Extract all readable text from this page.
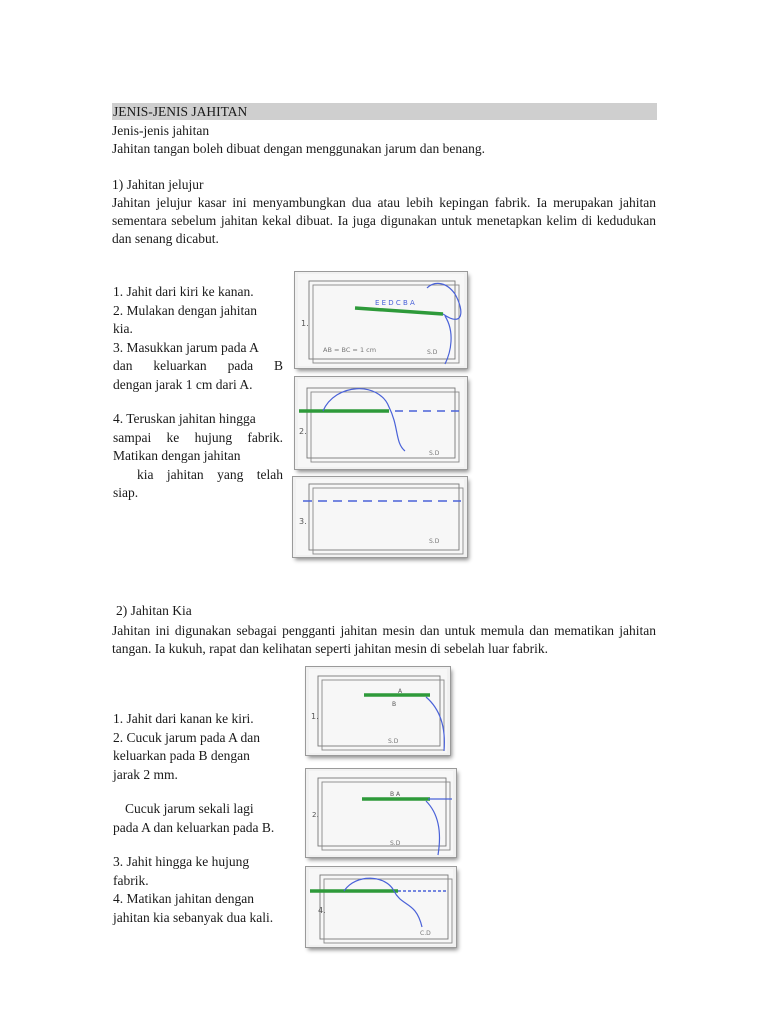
JENIS-JENIS JAHITAN
Jenis-jenis jahitan
Jahitan tangan boleh dibuat dengan menggunakan jarum dan benang.
1) Jahitan jelujur
Jahitan jelujur kasar ini menyambungkan dua atau lebih kepingan fabrik. Ia merupakan jahitan sementara sebelum jahitan kekal dibuat. Ia juga digunakan untuk menetapkan kelim di kedudukan dan senang dicabut.
1. Jahit dari kiri ke kanan.
2. Mulakan dengan jahitan
kia.
3. Masukkan jarum pada A
dan keluarkan pada B
dengan jarak 1 cm dari A.
4. Teruskan jahitan hingga
sampai ke hujung fabrik.
Matikan dengan jahitan
kia jahitan yang telah
siap.
E E D C B A
1.
AB = BC = 1 cm	S.D
2.
S.D
3.
S.D
2) Jahitan Kia
Jahitan ini digunakan sebagai pengganti jahitan mesin dan untuk memula dan mematikan jahitan tangan. Ia kukuh, rapat dan kelihatan seperti jahitan mesin di sebelah luar fabrik.
1. Jahit dari kanan ke kiri.
2. Cucuk jarum pada A dan
keluarkan pada B dengan
jarak 2 mm.
Cucuk jarum sekali lagi
pada A dan keluarkan pada B.
3. Jahit hingga ke hujung
fabrik.
4. Matikan jahitan dengan
jahitan kia sebanyak dua kali.
A
B
1.
S.D
B A
2.
S.D
4.
C.D
